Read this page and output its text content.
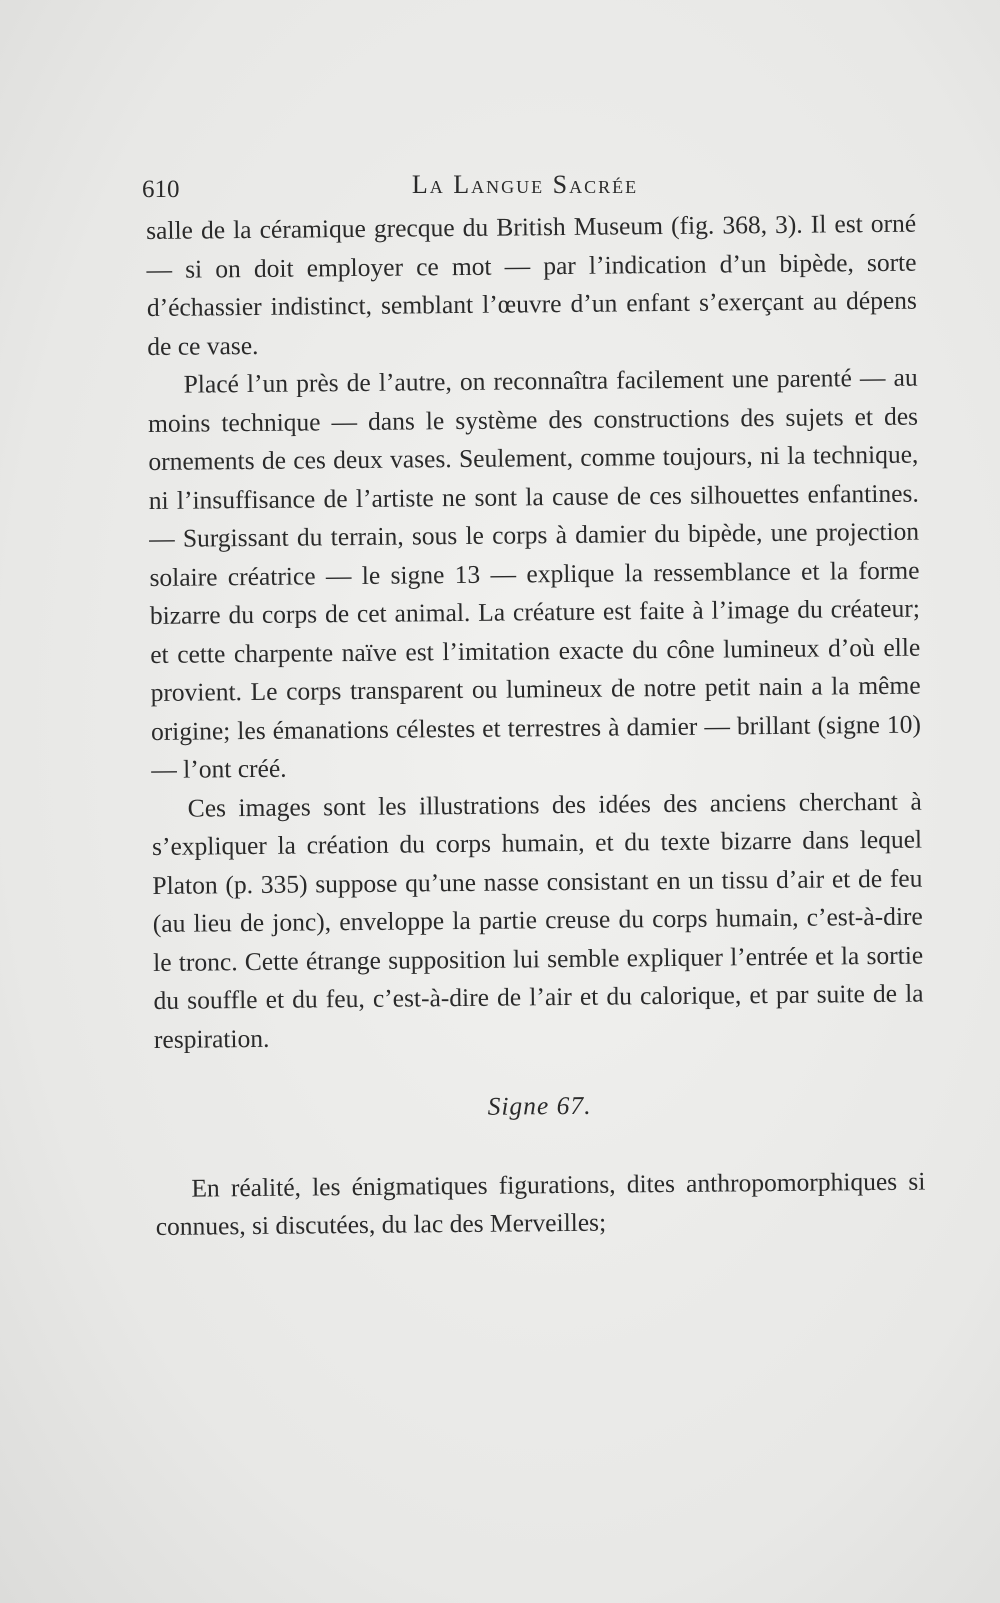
610	La Langue Sacrée

salle de la céramique grecque du British Museum (fig. 368, 3). Il est orné — si on doit employer ce mot — par l’indication d’un bipède, sorte d’échassier indistinct, semblant l’œuvre d’un enfant s’exerçant au dépens de ce vase.

Placé l’un près de l’autre, on reconnaîtra facilement une parenté — au moins technique — dans le système des constructions des sujets et des ornements de ces deux vases. Seulement, comme toujours, ni la technique, ni l’insuffisance de l’artiste ne sont la cause de ces silhouettes enfantines. — Surgissant du terrain, sous le corps à damier du bipède, une projection solaire créatrice — le signe 13 — explique la ressemblance et la forme bizarre du corps de cet animal. La créature est faite à l’image du créateur; et cette charpente naïve est l’imitation exacte du cône lumineux d’où elle provient. Le corps transparent ou lumineux de notre petit nain a la même origine; les émanations célestes et terrestres à damier — brillant (signe 10) — l’ont créé.

Ces images sont les illustrations des idées des anciens cherchant à s’expliquer la création du corps humain, et du texte bizarre dans lequel Platon (p. 335) suppose qu’une nasse consistant en un tissu d’air et de feu (au lieu de jonc), enveloppe la partie creuse du corps humain, c’est-à-dire le tronc. Cette étrange supposition lui semble expliquer l’entrée et la sortie du souffle et du feu, c’est-à-dire de l’air et du calorique, et par suite de la respiration.

Signe 67.

En réalité, les énigmatiques figurations, dites anthropomorphiques si connues, si discutées, du lac des Merveilles;
